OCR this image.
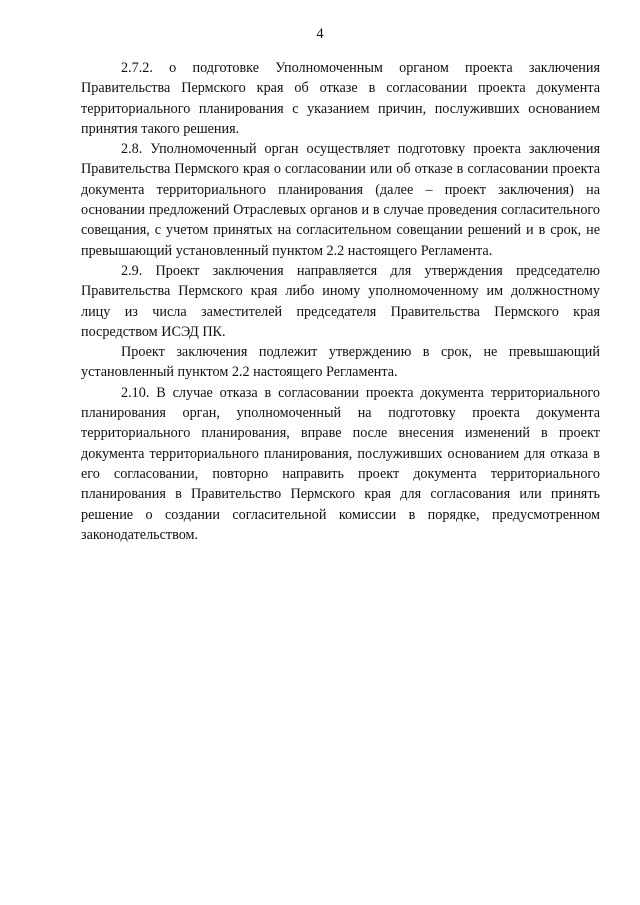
4

2.7.2. о подготовке Уполномоченным органом проекта заключения Правительства Пермского края об отказе в согласовании проекта документа территориального планирования с указанием причин, послуживших основанием принятия такого решения.

2.8. Уполномоченный орган осуществляет подготовку проекта заключения Правительства Пермского края о согласовании или об отказе в согласовании проекта документа территориального планирования (далее – проект заключения) на основании предложений Отраслевых органов и в случае проведения согласительного совещания, с учетом принятых на согласительном совещании решений и в срок, не превышающий установленный пунктом 2.2 настоящего Регламента.

2.9. Проект заключения направляется для утверждения председателю Правительства Пермского края либо иному уполномоченному им должностному лицу из числа заместителей председателя Правительства Пермского края посредством ИСЭД ПК.

Проект заключения подлежит утверждению в срок, не превышающий установленный пунктом 2.2 настоящего Регламента.

2.10. В случае отказа в согласовании проекта документа территориального планирования орган, уполномоченный на подготовку проекта документа территориального планирования, вправе после внесения изменений в проект документа территориального планирования, послуживших основанием для отказа в его согласовании, повторно направить проект документа территориального планирования в Правительство Пермского края для согласования или принять решение о создании согласительной комиссии в порядке, предусмотренном законодательством.
